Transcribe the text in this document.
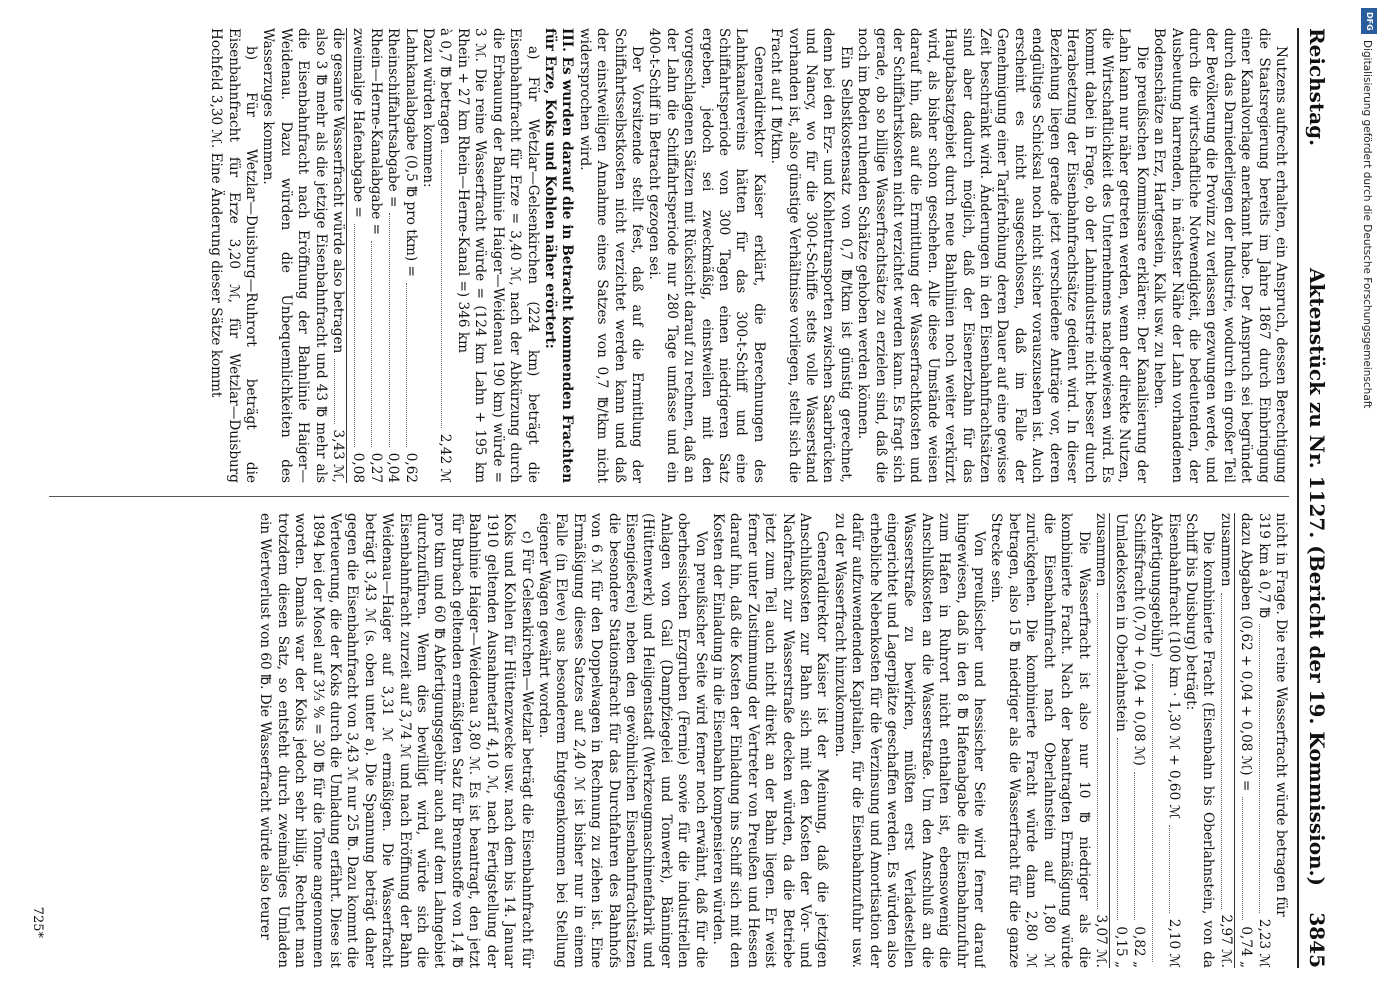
Reichstag.
Aktenstück zu Nr. 1127. (Bericht der 19. Kommission.)
3845

Nutzens aufrecht erhalten, ein Anspruch, dessen Berechtigung die Staatsregierung bereits im Jahre 1867 durch Einbringung einer Kanalvorlage anerkannt habe. Der Anspruch sei begründet durch das Darniederliegen der Industrie, wodurch ein großer Teil der Bevölkerung die Provinz zu verlassen gezwungen werde, und durch die wirtschaftliche Notwendigkeit, die bedeutenden, der Ausbeutung harrenden, in nächster Nähe der Lahn vorhandenen Bodenschätze an Erz, Hartgestein, Kalk usw. zu heben.

Die preußischen Kommissare erklären: Der Kanalisierung der Lahn kann nur näher getreten werden, wenn der direkte Nutzen, die Wirtschaftlichkeit des Unternehmens nachgewiesen wird. Es kommt dabei in Frage, ob der Lahnindustrie nicht besser durch Herabsetzung der Eisenbahnfrachtsätze gedient wird. In dieser Beziehung liegen gerade jetzt verschiedene Anträge vor, deren endgültiges Schicksal noch nicht sicher vorauszusehen ist. Auch erscheint es nicht ausgeschlossen, daß im Falle der Genehmigung einer Tariferhöhung deren Dauer auf eine gewisse Zeit beschränkt wird. Änderungen in den Eisenbahnfrachtsätzen sind aber dadurch möglich, daß der Eisenerzbahn für das Hauptabsatzgebiet durch neue Bahnlinien noch weiter verkürzt wird, als bisher schon geschehen. Alle diese Umstände weisen darauf hin, daß auf die Ermittlung der Wasserfrachtkosten und der Schiffahrtskosten nicht verzichtet werden kann. Es fragt sich gerade, ob so billige Wasserfrachtsätze zu erzielen sind, daß die noch im Boden ruhenden Schätze gehoben werden können.

Ein Selbstkostensatz von 0,7 ℔/tkm ist günstig gerechnet, denn bei den Erz- und Kohlentransporten zwischen Saarbrücken und Nancy, wo für die 300-t-Schiffe stets volle Wasserstand vorhanden ist, also günstige Verhältnisse vorliegen, stellt sich die Fracht auf 1 ℔/tkm.

Generaldirektor Kaiser erklärt, die Berechnungen des Lahnkanalvereins hätten für das 300-t-Schiff und eine Schiffahrtsperiode von 300 Tagen einen niedrigeren Satz ergeben, jedoch sei zweckmäßig, einstweilen mit den vorgeschlagenen Sätzen mit Rücksicht darauf zu rechnen, daß an der Lahn die Schiffahrtsperiode nur 280 Tage umfasse und ein 400-t-Schiff in Betracht gezogen sei.

Der Vorsitzende stellt fest, daß auf die Ermittlung der Schiffahrtsselbstkosten nicht verzichtet werden kann und daß der einstweiligen Annahme eines Satzes von 0,7 ℔/tkm nicht widersprochen wird.

III. Es wurden darauf die in Betracht kommenden Frachten für Erze, Koks und Kohlen näher erörtert:

a) Für Wetzlar—Gelsenkirchen (224 km) beträgt die Eisenbahnfracht für Erze = 3,40 ℳ, nach der Abkürzung durch die Erbauung der Bahnlinie Haiger—Weidenau 190 km) würde = 3 ℳ. Die reine Wasserfracht würde = (124 km Lahn + 195 km Rhein + 27 km Rhein—Herne-Kanal =) 346 km

à 0,7 ℔ betragen
2,42 ℳ

Dazu würden kommen:

Lahnkanalabgabe (0,5 ℔ pro tkm) =
0,62
Rheinschiffahrtsabgabe =
0,04
Rhein—Herne-Kanalabgabe =
0,27
zweimalige Hafenabgabe =
0,08
die gesamte Wasserfracht würde also betragen
3,43 ℳ,

also 3 ℔ mehr als die jetzige Eisenbahnfracht und 43 ℔ mehr als die Eisenbahnfracht nach Eröffnung der Bahnlinie Haiger—Weidenau. Dazu würden die Unbequemlichkeiten des Wasserzuges kommen.

b) Für Wetzlar—Duisburg—Ruhrort beträgt die Eisenbahnfracht für Erze 3,20 ℳ, für Wetzlar—Duisburg Hochfeld 3,30 ℳ. Eine Änderung dieser Sätze kommt

nicht in Frage. Die reine Wasserfracht würde betragen für

319 km à 0,7 ℔
2,23 ℳ
dazu Abgaben (0,62 + 0,04 + 0,08 ℳ) =
0,74 „
zusammen
2,97 ℳ.

Die kombinierte Fracht (Eisenbahn bis Oberlahnstein, von da Schiff bis Duisburg) beträgt:

Eisenbahnfracht (100 km · 1,30 ℳ + 0,60 ℳ
2,10 ℳ
Abfertigungsgebühr)
Schiffsfracht (0,70 + 0,04 + 0,08 ℳ)
0,82 „
Umladekosten in Oberlahnstein
0,15 „
zusammen
3,07 ℳ.

Die Wasserfracht ist also nur 10 ℔ niedriger als die kombinierte Fracht. Nach der beantragten Ermäßigung würde die Eisenbahnfracht nach Oberlahnstein auf 1,80 ℳ zurückgehen. Die kombinierte Fracht würde dann 2,80 ℳ betragen, also 15 ℔ niedriger als die Wasserfracht für die ganze Strecke sein.

Von preußischer und hessischer Seite wird ferner darauf hingewiesen, daß in den 8 ℔ Hafenabgabe die Eisenbahnzufuhr zum Hafen in Ruhrort nicht enthalten ist, ebensowenig die Anschlußkosten an die Wasserstraße. Um den Anschluß an die Wasserstraße zu bewirken, müßten erst Verladestellen eingerichtet und Lagerplätze geschaffen werden. Es würden also erhebliche Nebenkosten für die Verzinsung und Amortisation der dafür aufzuwendenden Kapitalien, für die Eisenbahnzufuhr usw. zu der Wasserfracht hinzukommen.

Generaldirektor Kaiser ist der Meinung, daß die jetzigen Anschlußkosten zur Bahn sich mit den Kosten der Vor- und Nachfracht zur Wasserstraße decken würden, da die Betriebe jetzt zum Teil auch nicht direkt an der Bahn liegen. Er weist ferner unter Zustimmung der Vertreter von Preußen und Hessen darauf hin, daß die Kosten der Einladung ins Schiff sich mit den Kosten der Einladung in die Eisenbahn kompensieren würden.

Von preußischer Seite wird ferner noch erwähnt, daß für die oberhessischen Erzgruben (Fernie) sowie für die industriellen Anlagen von Gail (Dampfziegelei und Tonwerk), Bänninger (Hüttenwerk) und Heiligenstadt (Werkzeugmaschinenfabrik und Eisengießerei) neben den gewöhnlichen Eisenbahnfrachtsätzen die besondere Stationsfracht für das Durchfahren des Bahnhofs von 6 ℳ für den Doppelwagen in Rechnung zu ziehen ist. Eine Ermäßigung dieses Satzes auf 2,40 ℳ ist bisher nur in einem Falle (in Eleve) aus besonderem Entgegenkommen bei Stellung eigener Wagen gewährt worden.

c) Für Gelsenkirchen—Wetzlar beträgt die Eisenbahnfracht für Koks und Kohlen für Hüttenzwecke usw. nach dem bis 14. Januar 1910 geltenden Ausnahmetarif 4,10 ℳ, nach Fertigstellung der Bahnlinie Haiger—Weidenau 3,80 ℳ. Es ist beantragt, den jetzt für Burbach geltenden ermäßigten Satz für Brennstoffe von 1,4 ℔ pro tkm und 60 ℔ Abfertigungsgebühr auch auf dem Lahngebiet durchzuführen. Wenn dies bewilligt wird, würde sich die Eisenbahnfracht zurzeit auf 3,74 ℳ und nach Eröffnung der Bahn Weidenau—Haiger auf 3,31 ℳ ermäßigen. Die Wasserfracht beträgt 3,43 ℳ (s. oben unter a). Die Spannung beträgt daher gegen die Eisenbahnfracht von 3,43 ℳ nur 25 ℔. Dazu kommt die Verteuerung, die der Koks durch die Umladung erfährt. Diese ist 1894 bei der Mosel auf 3⅓ % = 30 ℔ für die Tonne angenommen worden. Damals war der Koks jedoch sehr billig. Rechnet man trotzdem diesen Satz, so entsteht durch zweimaliges Umladen ein Wertverlust von 60 ℔. Die Wasserfracht würde also teurer

725*
DFG
Digitalisierung gefördert durch die Deutsche Forschungsgemeinschaft
